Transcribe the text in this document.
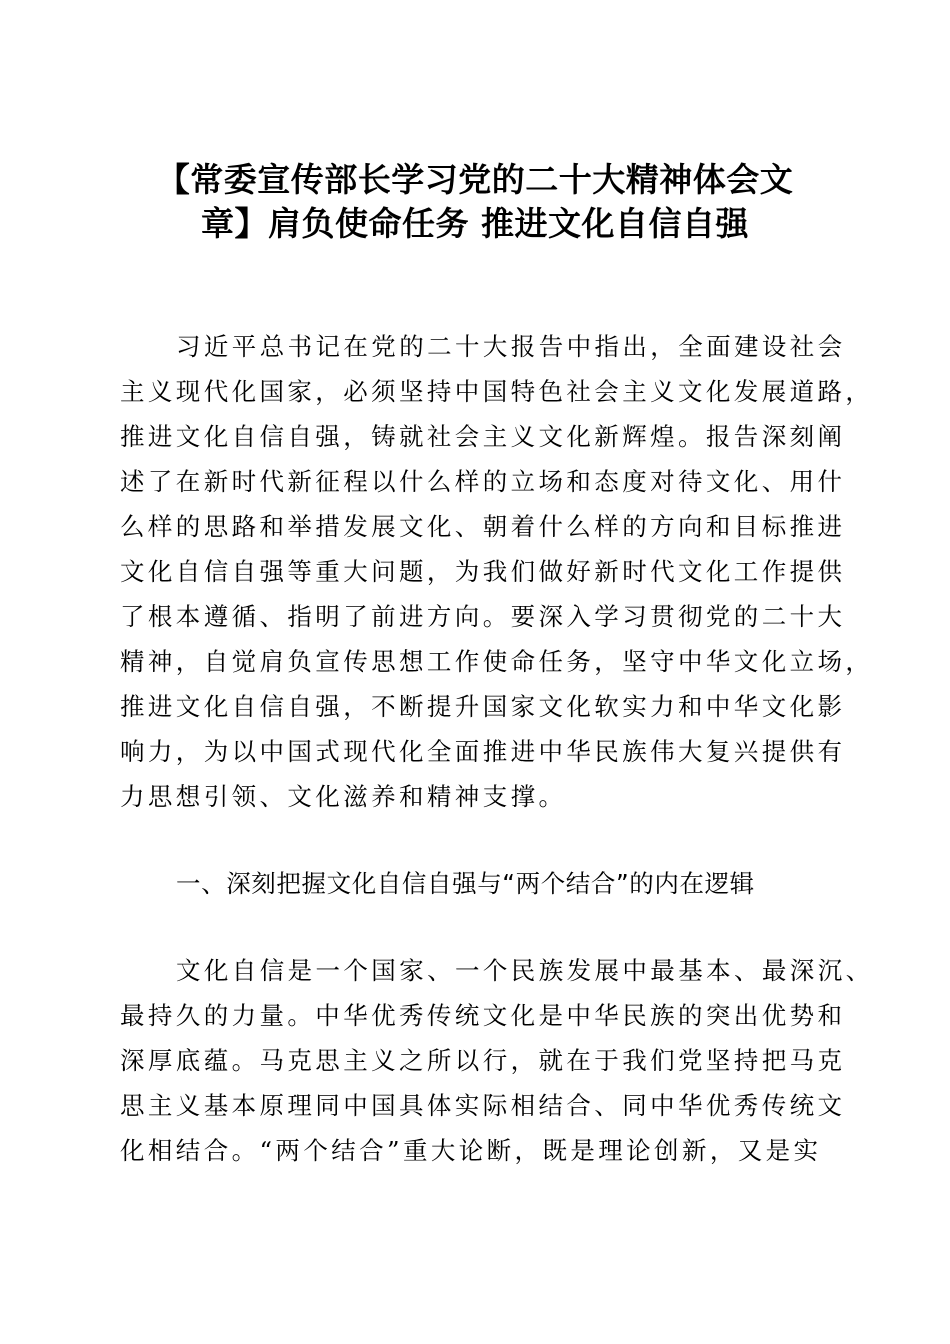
【常委宣传部长学习党的二十大精神体会文
章】肩负使命任务 推进文化自信自强
习近平总书记在党的二十大报告中指出，全面建设社会
主义现代化国家，必须坚持中国特色社会主义文化发展道路，
推进文化自信自强，铸就社会主义文化新辉煌。报告深刻阐
述了在新时代新征程以什么样的立场和态度对待文化、用什
么样的思路和举措发展文化、朝着什么样的方向和目标推进
文化自信自强等重大问题，为我们做好新时代文化工作提供
了根本遵循、指明了前进方向。要深入学习贯彻党的二十大
精神，自觉肩负宣传思想工作使命任务，坚守中华文化立场，
推进文化自信自强，不断提升国家文化软实力和中华文化影
响力，为以中国式现代化全面推进中华民族伟大复兴提供有
力思想引领、文化滋养和精神支撑。
一、深刻把握文化自信自强与“两个结合”的内在逻辑
文化自信是一个国家、一个民族发展中最基本、最深沉、
最持久的力量。中华优秀传统文化是中华民族的突出优势和
深厚底蕴。马克思主义之所以行，就在于我们党坚持把马克
思主义基本原理同中国具体实际相结合、同中华优秀传统文
化相结合。“两个结合”重大论断，既是理论创新，又是实
